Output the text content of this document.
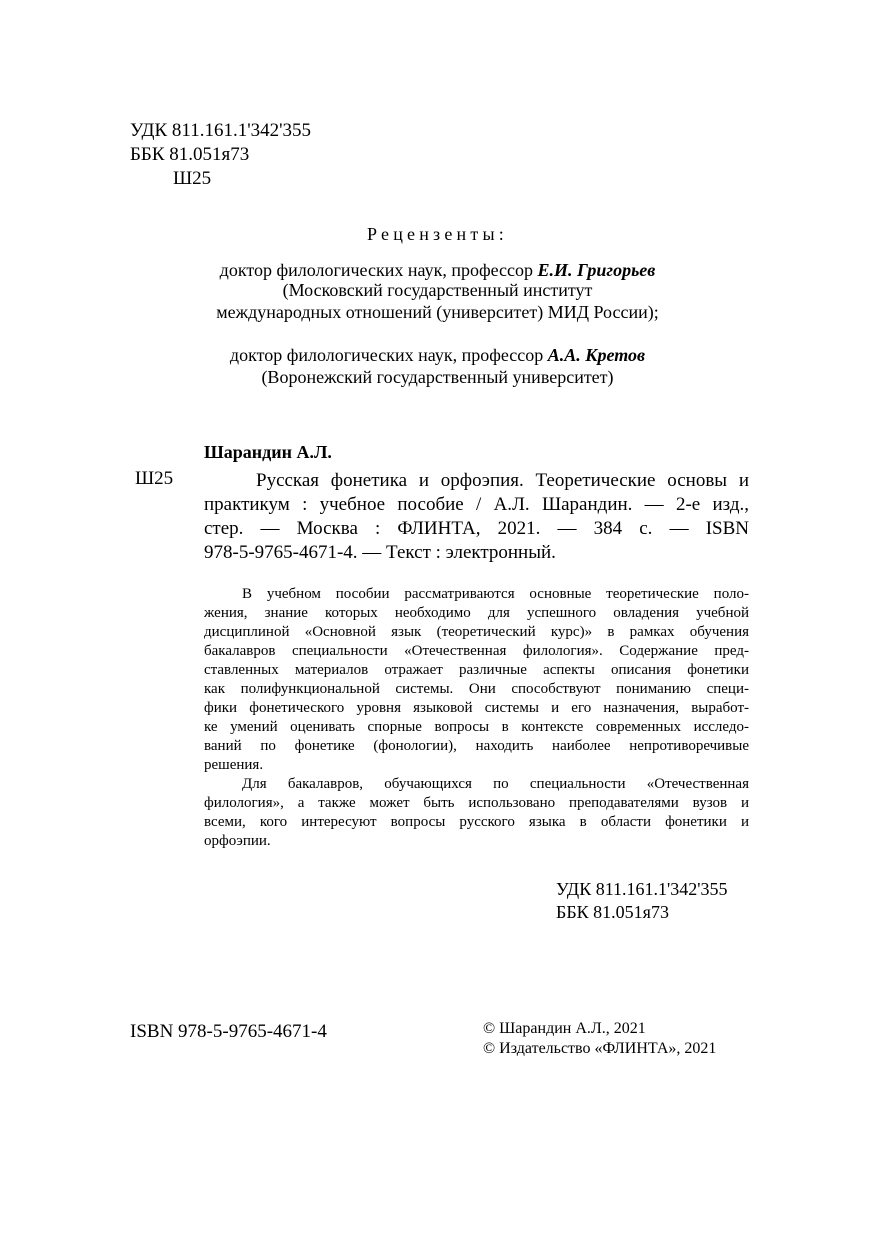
УДК 811.161.1'342'355
ББК 81.051я73
Ш25
Рецензенты:
доктор филологических наук, профессор Е.И. Григорьев
(Московский государственный институт
международных отношений (университет) МИД России);
доктор филологических наук, профессор А.А. Кретов
(Воронежский государственный университет)
Шарандин А.Л.
Ш25	Русская фонетика и орфоэпия. Теоретические основы и
практикум : учебное пособие / А.Л. Шарандин. — 2-е изд.,
стер. — Москва : ФЛИНТА, 2021. — 384 с. — ISBN
978-5-9765-4671-4. — Текст : электронный.
В учебном пособии рассматриваются основные теоретические поло-
жения, знание которых необходимо для успешного овладения учебной
дисциплиной «Основной язык (теоретический курс)» в рамках обучения
бакалавров специальности «Отечественная филология». Содержание пред-
ставленных материалов отражает различные аспекты описания фонетики
как полифункциональной системы. Они способствуют пониманию специ-
фики фонетического уровня языковой системы и его назначения, выработ-
ке умений оценивать спорные вопросы в контексте современных исследо-
ваний по фонетике (фонологии), находить наиболее непротиворечивые
решения.
Для бакалавров, обучающихся по специальности «Отечественная
филология», а также может быть использовано преподавателями вузов и
всеми, кого интересуют вопросы русского языка в области фонетики и
орфоэпии.
УДК 811.161.1'342'355
ББК 81.051я73
ISBN 978-5-9765-4671-4	© Шарандин А.Л., 2021
© Издательство «ФЛИНТА», 2021
